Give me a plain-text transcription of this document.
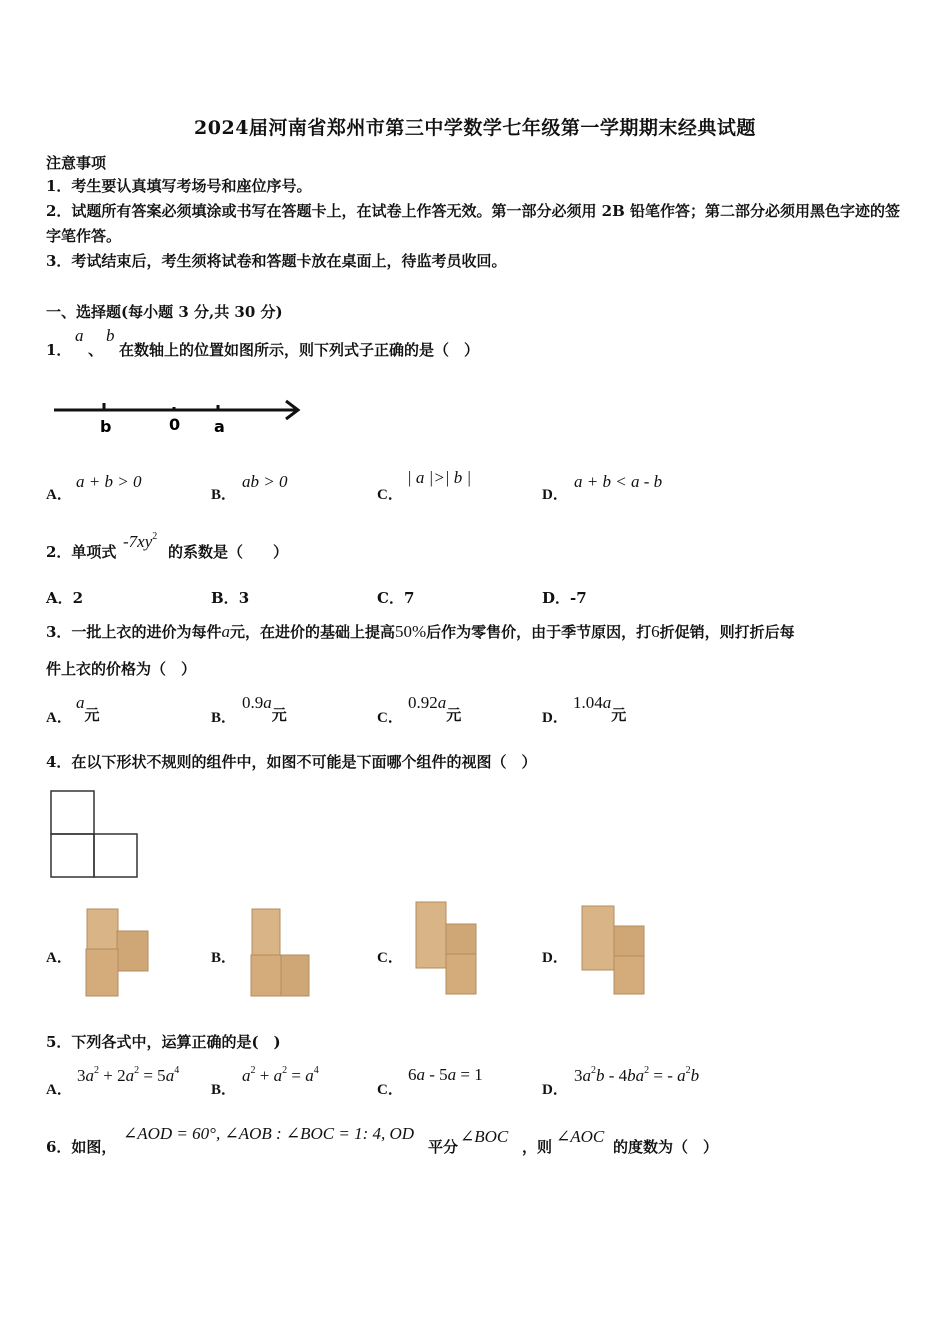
2024届河南省郑州市第三中学数学七年级第一学期期末经典试题
注意事项
1．考生要认真填写考场号和座位序号。
2．试题所有答案必须填涂或书写在答题卡上，在试卷上作答无效。第一部分必须用 2B 铅笔作答；第二部分必须用黑色字迹的签字笔作答。
3．考试结束后，考生须将试卷和答题卡放在桌面上，待监考员收回。
一、选择题(每小题 3 分,共 30 分)
1．
a
、
b
在数轴上的位置如图所示，则下列式子正确的是（　）
b	0 a
A．
a + b > 0
B．
ab > 0
C．
| a |>| b |
D．
a + b < a - b
2．单项式
$-7xy^2$
的系数是（　　）
A．2	B．3	C．7	D．-7
3．一批上衣的进价为每件a元，在进价的基础上提高50%后作为零售价，由于季节原因，打6折促销，则打折后每
件上衣的价格为（　）
A．
a元	B．
0.9a元	C．
0.92a元	D．
1.04a元
4．在以下形状不规则的组件中，如图不可能是下面哪个组件的视图（　）
A．	B．	C．	D．
5．下列各式中，运算正确的是(　)
A．
$3a^2 + 2a^2 = 5a^4$
B．
$a^2 + a^2 = a^4$
C．
6a - 5a = 1
D．
$3a^2b - 4ba^2$ = - $a^2b$
6．如图，
∠AOD = 60°, ∠AOB : ∠BOC = 1: 4, OD
平分
∠BOC
，则
∠AOC
的度数为（　）
